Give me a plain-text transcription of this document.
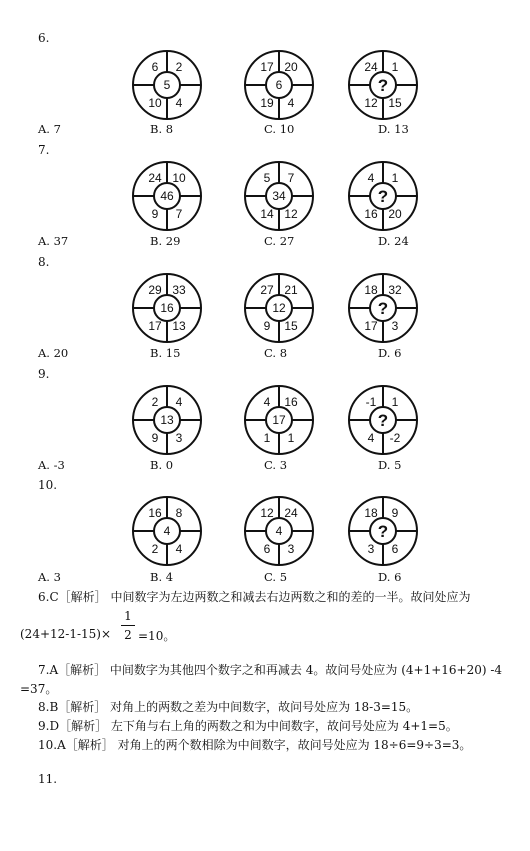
6.
6 2
10 4
5
17 20
19 4
6
24 1
12 15
?
A. 7	B. 8	C. 10	D. 13
7.
24 10
9 7
46
5 7
14 12
34
4 1
16 20
?
A. 37	B. 29	C. 27	D. 24
8.
29 33
17 13
16
27 21
9 15
12
18 32
17 3
?
A. 20	B. 15	C. 8	D. 6
9.
2 4
9 3
13
4 16
1 1
17
-1 1
4 -2
?
A. -3	B. 0	C. 3	D. 5
10.
16 8
2 4
4
12 24
6 3
4
18 9
3 6
?
A. 3	B. 4	C. 5	D. 6
6.C［解析］ 中间数字为左边两数之和减去右边两数之和的差的一半。故问处应为
(24+12-1-15)×
1
2 =10。
7.A［解析］ 中间数字为其他四个数字之和再减去 4。故问号处应为 (4+1+16+20) -4
=37。
8.B［解析］ 对角上的两数之差为中间数字，故问号处应为 18-3=15。
9.D［解析］ 左下角与右上角的两数之和为中间数字，故问号处应为 4+1=5。
10.A［解析］ 对角上的两个数相除为中间数字，故问号处应为 18÷6=9÷3=3。
11.
